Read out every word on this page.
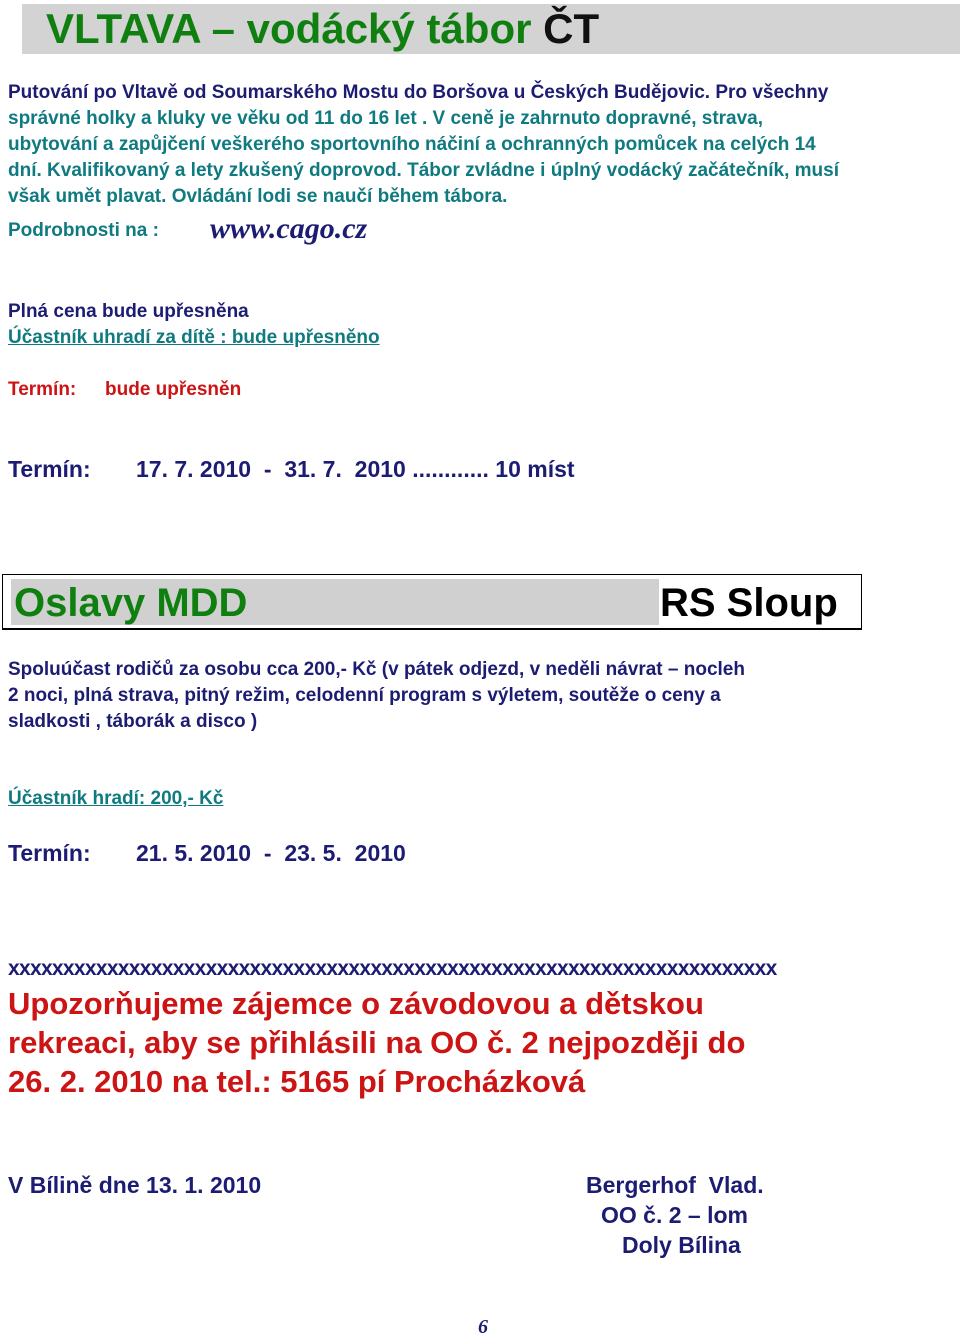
VLTAVA – vodácký tábor ČT
Putování po Vltavě od Soumarského Mostu do Boršova u Českých Budějovic. Pro všechny
správné holky a kluky ve věku od 11 do 16 let . V ceně je zahrnuto dopravné, strava,
ubytování a zapůjčení veškerého sportovního náčiní a ochranných pomůcek na celých 14
dní. Kvalifikovaný a lety zkušený doprovod. Tábor zvládne i úplný vodácký začátečník, musí
však umět plavat. Ovládání lodi se naučí během tábora.
Podrobnosti na : www.cago.cz
Plná cena bude upřesněna
Účastník uhradí za dítě : bude upřesněno
Termín: bude upřesněn
Termín: 17. 7. 2010  -  31. 7.  2010 ............ 10 míst
Oslavy MDD	RS Sloup
Spoluúčast rodičů za osobu cca 200,- Kč (v pátek odjezd, v neděli návrat – nocleh
2 noci, plná strava, pitný režim, celodenní program s výletem, soutěže o ceny a
sladkosti , táborák a disco )
Účastník hradí: 200,- Kč
Termín: 21. 5. 2010  -  23. 5.  2010
xxxxxxxxxxxxxxxxxxxxxxxxxxxxxxxxxxxxxxxxxxxxxxxxxxxxxxxxxxxxxxxxxxxxxx
Upozorňujeme zájemce o závodovou a dětskou
rekreaci, aby se přihlásili na OO č. 2 nejpozději do
26. 2. 2010 na tel.: 5165 pí Procházková
V Bílině dne 13. 1. 2010	Bergerhof  Vlad.
OO č. 2 – lom
Doly Bílina
6
